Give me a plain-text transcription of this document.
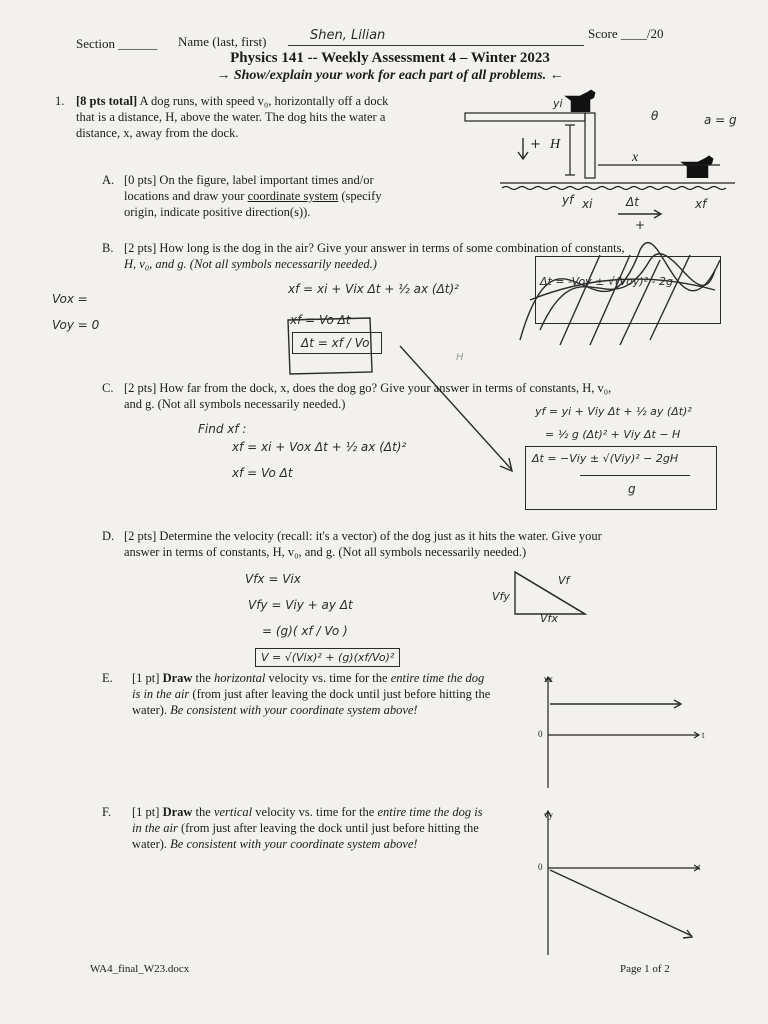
Section ______ Name (last, first)	Shen, Lilian	Score ____/20
Physics 141 -- Weekly Assessment 4 – Winter 2023
→ Show/explain your work for each part of all problems. ←
1. [8 pts total] A dog runs, with speed v₀, horizontally off a dock
that is a distance, H, above the water. The dog hits the water a
distance, x, away from the dock.
H
+
x
yi
θ	a = g
yf xi	Δt	xf
+
A. [0 pts] On the figure, label important times and/or
locations and draw your coordinate system (specify
origin, indicate positive direction(s)).
B. [2 pts] How long is the dog in the air? Give your answer in terms of some combination of constants,
H, v₀, and g. (Not all symbols necessarily needed.)
Vox =
Voy = 0
xf = xi + Vix Δt + ½ ax (Δt)²
xf = Vo Δt
Δt = xf / Vo
H
Δt = -Voy ± √(Voy)² - 2g
C. [2 pts] How far from the dock, x, does the dog go? Give your answer in terms of constants, H, v₀,
and g. (Not all symbols necessarily needed.)
Find xf :
xf = xi + Vox Δt + ½ ax (Δt)²
xf = Vo Δt
yf = yi + Viy Δt + ½ ay (Δt)²
= ½ g (Δt)² + Viy Δt − H
Δt = −Viy ± √(Viy)² − 2gH
g
D. [2 pts] Determine the velocity (recall: it's a vector) of the dog just as it hits the water. Give your
answer in terms of constants, H, v₀, and g. (Not all symbols necessarily needed.)
Vfx = Vix
Vfy = Viy + ay Δt
= (g)( xf / Vo )
V = √(Vix)² + (g)(xf/Vo)²
Vfy
Vf
Vfx
E. [1 pt] Draw the horizontal velocity vs. time for the entire time the dog
is in the air (from just after leaving the dock until just before hitting the
water). Be consistent with your coordinate system above!
vx
0	t
F. [1 pt] Draw the vertical velocity vs. time for the entire time the dog is
in the air (from just after leaving the dock until just before hitting the
water). Be consistent with your coordinate system above!
vy
0	t
WA4_final_W23.docx	Page 1 of 2
